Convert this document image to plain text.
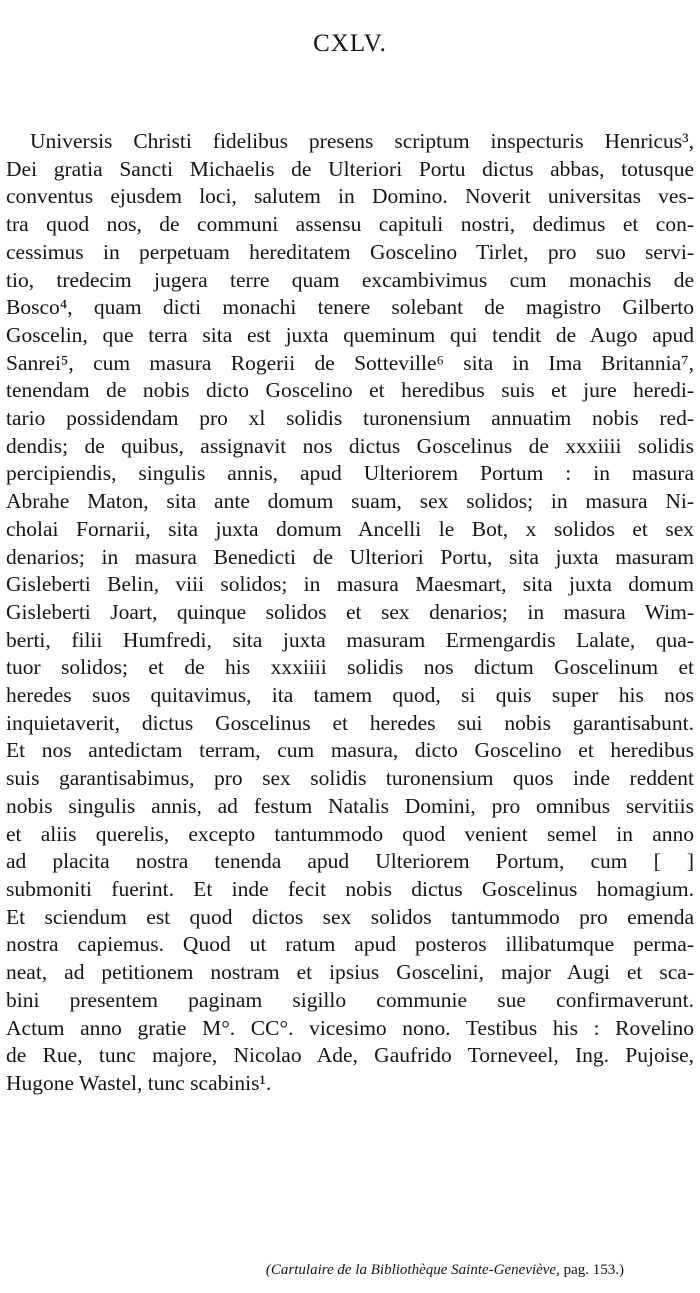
CXLV.
Universis Christi fidelibus presens scriptum inspecturis Henricus³,
Dei gratia Sancti Michaelis de Ulteriori Portu dictus abbas, totusque
conventus ejusdem loci, salutem in Domino. Noverit universitas ves-
tra quod nos, de communi assensu capituli nostri, dedimus et con-
cessimus in perpetuam hereditatem Goscelino Tirlet, pro suo servi-
tio, tredecim jugera terre quam excambivimus cum monachis de
Bosco⁴, quam dicti monachi tenere solebant de magistro Gilberto
Goscelin, que terra sita est juxta queminum qui tendit de Augo apud
Sanrei⁵, cum masura Rogerii de Sotteville⁶ sita in Ima Britannia⁷,
tenendam de nobis dicto Goscelino et heredibus suis et jure heredi-
tario possidendam pro xl solidis turonensium annuatim nobis red-
dendis; de quibus, assignavit nos dictus Goscelinus de xxxiiii solidis
percipiendis, singulis annis, apud Ulteriorem Portum : in masura
Abrahe Maton, sita ante domum suam, sex solidos; in masura Ni-
cholai Fornarii, sita juxta domum Ancelli le Bot, x solidos et sex
denarios; in masura Benedicti de Ulteriori Portu, sita juxta masuram
Gisleberti Belin, viii solidos; in masura Maesmart, sita juxta domum
Gisleberti Joart, quinque solidos et sex denarios; in masura Wim-
berti, filii Humfredi, sita juxta masuram Ermengardis Lalate, qua-
tuor solidos; et de his xxxiiii solidis nos dictum Goscelinum et
heredes suos quitavimus, ita tamem quod, si quis super his nos
inquietaverit, dictus Goscelinus et heredes sui nobis garantisabunt.
Et nos antedictam terram, cum masura, dicto Goscelino et heredibus
suis garantisabimus, pro sex solidis turonensium quos inde reddent
nobis singulis annis, ad festum Natalis Domini, pro omnibus servitiis
et aliis querelis, excepto tantummodo quod venient semel in anno
ad placita nostra tenenda apud Ulteriorem Portum, cum [ ]
submoniti fuerint. Et inde fecit nobis dictus Goscelinus homagium.
Et sciendum est quod dictos sex solidos tantummodo pro emenda
nostra capiemus. Quod ut ratum apud posteros illibatumque perma-
neat, ad petitionem nostram et ipsius Goscelini, major Augi et sca-
bini presentem paginam sigillo communie sue confirmaverunt.
Actum anno gratie M°. CC°. vicesimo nono. Testibus his : Rovelino
de Rue, tunc majore, Nicolao Ade, Gaufrido Torneveel, Ing. Pujoise,
Hugone Wastel, tunc scabinis¹.
(Cartulaire de la Bibliothèque Sainte-Geneviève, pag. 153.)
